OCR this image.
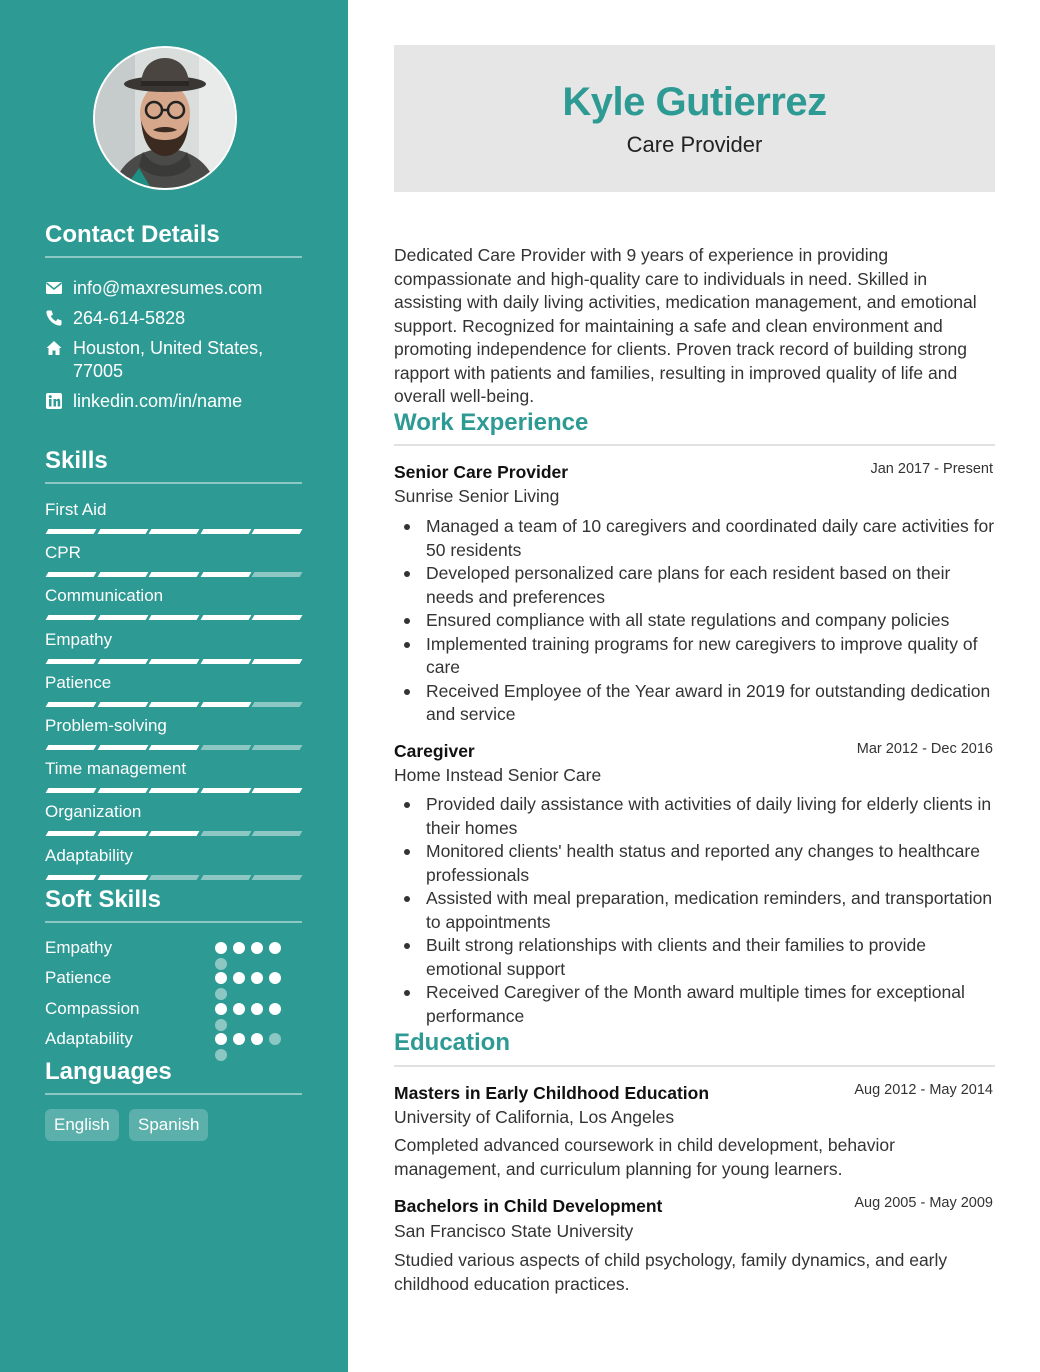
Contact Details
info@maxresumes.com
264-614-5828
Houston, United States, 77005
linkedin.com/in/name
Skills
First Aid
CPR
Communication
Empathy
Patience
Problem-solving
Time management
Organization
Adaptability
Soft Skills
Empathy
Patience
Compassion
Adaptability
Languages
English	Spanish
Kyle Gutierrez
Care Provider

Dedicated Care Provider with 9 years of experience in providing compassionate and high-quality care to individuals in need. Skilled in assisting with daily living activities, medication management, and emotional support. Recognized for maintaining a safe and clean environment and promoting independence for clients. Proven track record of building strong rapport with patients and families, resulting in improved quality of life and overall well-being.

Work Experience
Senior Care Provider	Jan 2017 - Present
Sunrise Senior Living
Managed a team of 10 caregivers and coordinated daily care activities for 50 residents
Developed personalized care plans for each resident based on their needs and preferences
Ensured compliance with all state regulations and company policies
Implemented training programs for new caregivers to improve quality of care
Received Employee of the Year award in 2019 for outstanding dedication and service
Caregiver	Mar 2012 - Dec 2016
Home Instead Senior Care
Provided daily assistance with activities of daily living for elderly clients in their homes
Monitored clients' health status and reported any changes to healthcare professionals
Assisted with meal preparation, medication reminders, and transportation to appointments
Built strong relationships with clients and their families to provide emotional support
Received Caregiver of the Month award multiple times for exceptional performance
Education
Masters in Early Childhood Education	Aug 2012 - May 2014
University of California, Los Angeles

Completed advanced coursework in child development, behavior management, and curriculum planning for young learners.

Bachelors in Child Development	Aug 2005 - May 2009
San Francisco State University

Studied various aspects of child psychology, family dynamics, and early childhood education practices.
